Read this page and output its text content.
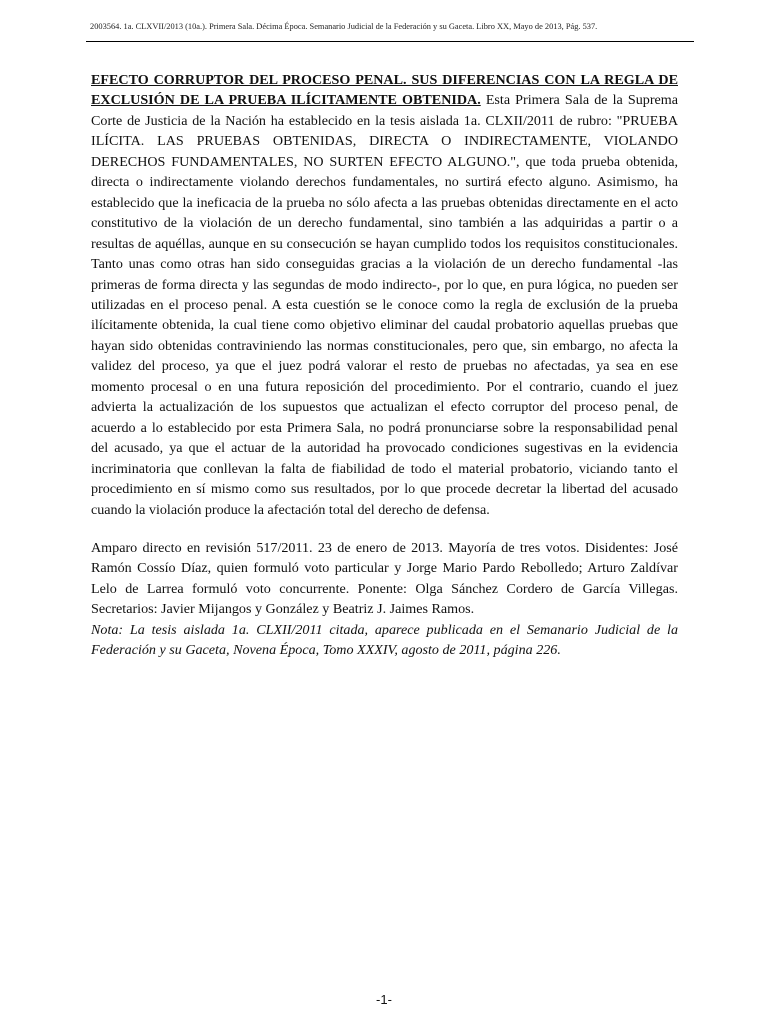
2003564. 1a. CLXVII/2013 (10a.). Primera Sala. Décima Época. Semanario Judicial de la Federación y su Gaceta. Libro XX, Mayo de 2013, Pág. 537.

EFECTO CORRUPTOR DEL PROCESO PENAL. SUS DIFERENCIAS CON LA REGLA DE EXCLUSIÓN DE LA PRUEBA ILÍCITAMENTE OBTENIDA. Esta Primera Sala de la Suprema Corte de Justicia de la Nación ha establecido en la tesis aislada 1a. CLXII/2011 de rubro: "PRUEBA ILÍCITA. LAS PRUEBAS OBTENIDAS, DIRECTA O INDIRECTAMENTE, VIOLANDO DERECHOS FUNDAMENTALES, NO SURTEN EFECTO ALGUNO.", que toda prueba obtenida, directa o indirectamente violando derechos fundamentales, no surtirá efecto alguno. Asimismo, ha establecido que la ineficacia de la prueba no sólo afecta a las pruebas obtenidas directamente en el acto constitutivo de la violación de un derecho fundamental, sino también a las adquiridas a partir o a resultas de aquéllas, aunque en su consecución se hayan cumplido todos los requisitos constitucionales. Tanto unas como otras han sido conseguidas gracias a la violación de un derecho fundamental -las primeras de forma directa y las segundas de modo indirecto-, por lo que, en pura lógica, no pueden ser utilizadas en el proceso penal. A esta cuestión se le conoce como la regla de exclusión de la prueba ilícitamente obtenida, la cual tiene como objetivo eliminar del caudal probatorio aquellas pruebas que hayan sido obtenidas contraviniendo las normas constitucionales, pero que, sin embargo, no afecta la validez del proceso, ya que el juez podrá valorar el resto de pruebas no afectadas, ya sea en ese momento procesal o en una futura reposición del procedimiento. Por el contrario, cuando el juez advierta la actualización de los supuestos que actualizan el efecto corruptor del proceso penal, de acuerdo a lo establecido por esta Primera Sala, no podrá pronunciarse sobre la responsabilidad penal del acusado, ya que el actuar de la autoridad ha provocado condiciones sugestivas en la evidencia incriminatoria que conllevan la falta de fiabilidad de todo el material probatorio, viciando tanto el procedimiento en sí mismo como sus resultados, por lo que procede decretar la libertad del acusado cuando la violación produce la afectación total del derecho de defensa.

Amparo directo en revisión 517/2011. 23 de enero de 2013. Mayoría de tres votos. Disidentes: José Ramón Cossío Díaz, quien formuló voto particular y Jorge Mario Pardo Rebolledo; Arturo Zaldívar Lelo de Larrea formuló voto concurrente. Ponente: Olga Sánchez Cordero de García Villegas. Secretarios: Javier Mijangos y González y Beatriz J. Jaimes Ramos.

Nota: La tesis aislada 1a. CLXII/2011 citada, aparece publicada en el Semanario Judicial de la Federación y su Gaceta, Novena Época, Tomo XXXIV, agosto de 2011, página 226.

-1-
